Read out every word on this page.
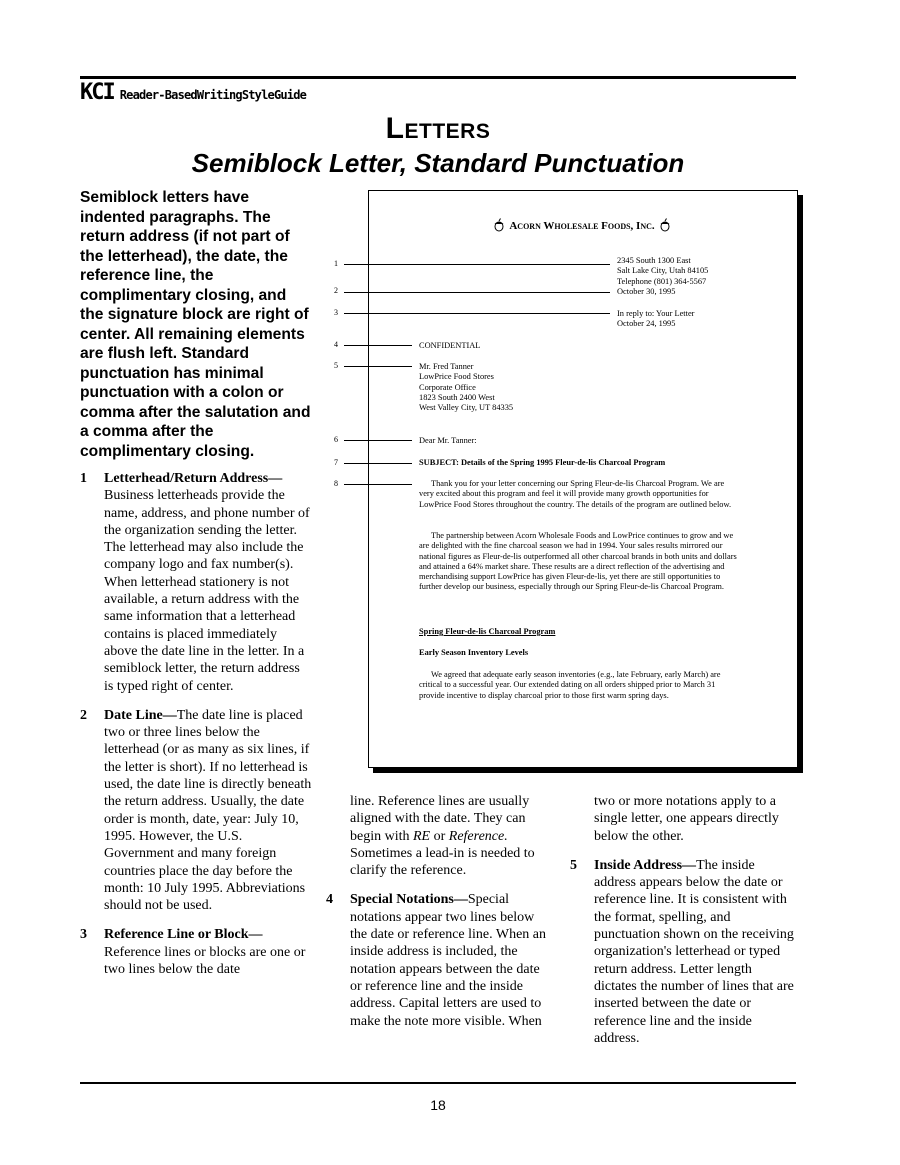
KCI Reader-BasedWritingStyleGuide
Letters
Semiblock Letter, Standard Punctuation
Semiblock letters have indented paragraphs. The return address (if not part of the letterhead), the date, the reference line, the complimentary closing, and the signature block are right of center. All remaining elements are flush left. Standard punctuation has minimal punctuation with a colon or comma after the salutation and a comma after the complimentary closing.
1 Letterhead/Return Address—Business letterheads provide the name, address, and phone number of the organization sending the letter. The letterhead may also include the company logo and fax number(s). When letterhead stationery is not available, a return address with the same information that a letterhead contains is placed immediately above the date line in the letter. In a semiblock letter, the return address is typed right of center.
2 Date Line—The date line is placed two or three lines below the letterhead (or as many as six lines, if the letter is short). If no letterhead is used, the date line is directly beneath the return address. Usually, the date order is month, date, year: July 10, 1995. However, the U.S. Government and many foreign countries place the day before the month: 10 July 1995. Abbreviations should not be used.
3 Reference Line or Block—Reference lines or blocks are one or two lines below the date
line. Reference lines are usually aligned with the date. They can begin with RE or Reference. Sometimes a lead-in is needed to clarify the reference.
4 Special Notations—Special notations appear two lines below the date or reference line. When an inside address is included, the notation appears between the date or reference line and the inside address. Capital letters are used to make the note more visible. When
two or more notations apply to a single letter, one appears directly below the other.
5 Inside Address—The inside address appears below the date or reference line. It is consistent with the format, spelling, and punctuation shown on the receiving organization's letterhead or typed return address. Letter length dictates the number of lines that are inserted between the date or reference line and the inside address.
Acorn Wholesale Foods, Inc.
1
2
3
4
5
6
7
8
2345 South 1300 East
Salt Lake City, Utah 84105
Telephone (801) 364-5567
October 30, 1995
In reply to: Your Letter
October 24, 1995
CONFIDENTIAL
Mr. Fred Tanner
LowPrice Food Stores
Corporate Office
1823 South 2400 West
West Valley City, UT 84335
Dear Mr. Tanner:
SUBJECT: Details of the Spring 1995 Fleur-de-lis Charcoal Program
Thank you for your letter concerning our Spring Fleur-de-lis Charcoal Program. We are very excited about this program and feel it will provide many growth opportunities for LowPrice Food Stores throughout the country. The details of the program are outlined below.
The partnership between Acorn Wholesale Foods and LowPrice continues to grow and we are delighted with the fine charcoal season we had in 1994. Your sales results mirrored our national figures as Fleur-de-lis outperformed all other charcoal brands in both units and dollars and attained a 64% market share. These results are a direct reflection of the advertising and merchandising support LowPrice has given Fleur-de-lis, yet there are still opportunities to further develop our business, especially through our Spring Fleur-de-lis Charcoal Program.
Spring Fleur-de-lis Charcoal Program
Early Season Inventory Levels
We agreed that adequate early season inventories (e.g., late February, early March) are critical to a successful year. Our extended dating on all orders shipped prior to March 31 provide incentive to display charcoal prior to those first warm spring days.
18
